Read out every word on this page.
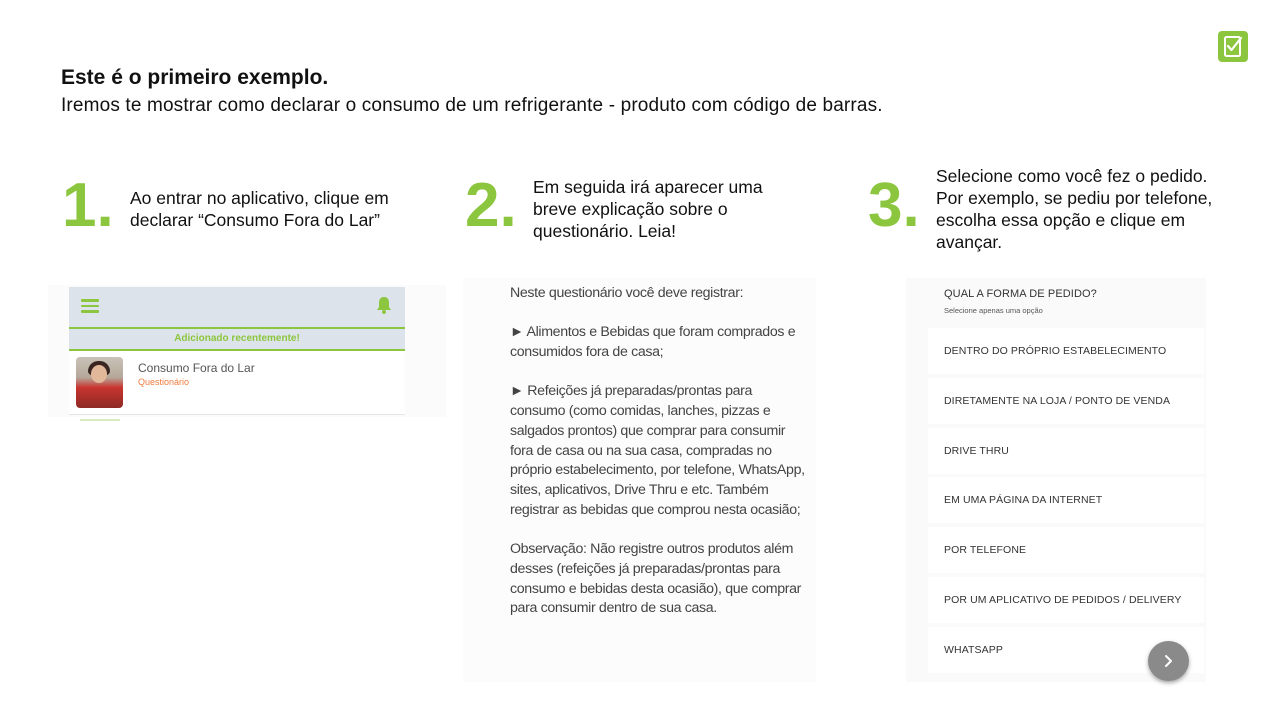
Este é o primeiro exemplo.
Iremos te mostrar como declarar o consumo de um refrigerante - produto com código de barras.
1. Ao entrar no aplicativo, clique em declarar “Consumo Fora do Lar”	2. Em seguida irá aparecer uma breve explicação sobre o questionário. Leia!	3. Selecione como você fez o pedido. Por exemplo, se pediu por telefone, escolha essa opção e clique em avançar.
Adicionado recentemente!
Consumo Fora do Lar
Questionário

Neste questionário você deve registrar:

► Alimentos e Bebidas que foram comprados e consumidos fora de casa;

► Refeições já preparadas/prontas para consumo (como comidas, lanches, pizzas e salgados prontos) que comprar para consumir fora de casa ou na sua casa, compradas no próprio estabelecimento, por telefone, WhatsApp, sites, aplicativos, Drive Thru e etc. Também registrar as bebidas que comprou nesta ocasião;

Observação: Não registre outros produtos além desses (refeições já preparadas/prontas para consumo e bebidas desta ocasião), que comprar para consumir dentro de sua casa.

QUAL A FORMA DE PEDIDO?
Selecione apenas uma opção
DENTRO DO PRÓPRIO ESTABELECIMENTO
DIRETAMENTE NA LOJA / PONTO DE VENDA
DRIVE THRU
EM UMA PÁGINA DA INTERNET
POR TELEFONE
POR UM APLICATIVO DE PEDIDOS / DELIVERY
WHATSAPP
